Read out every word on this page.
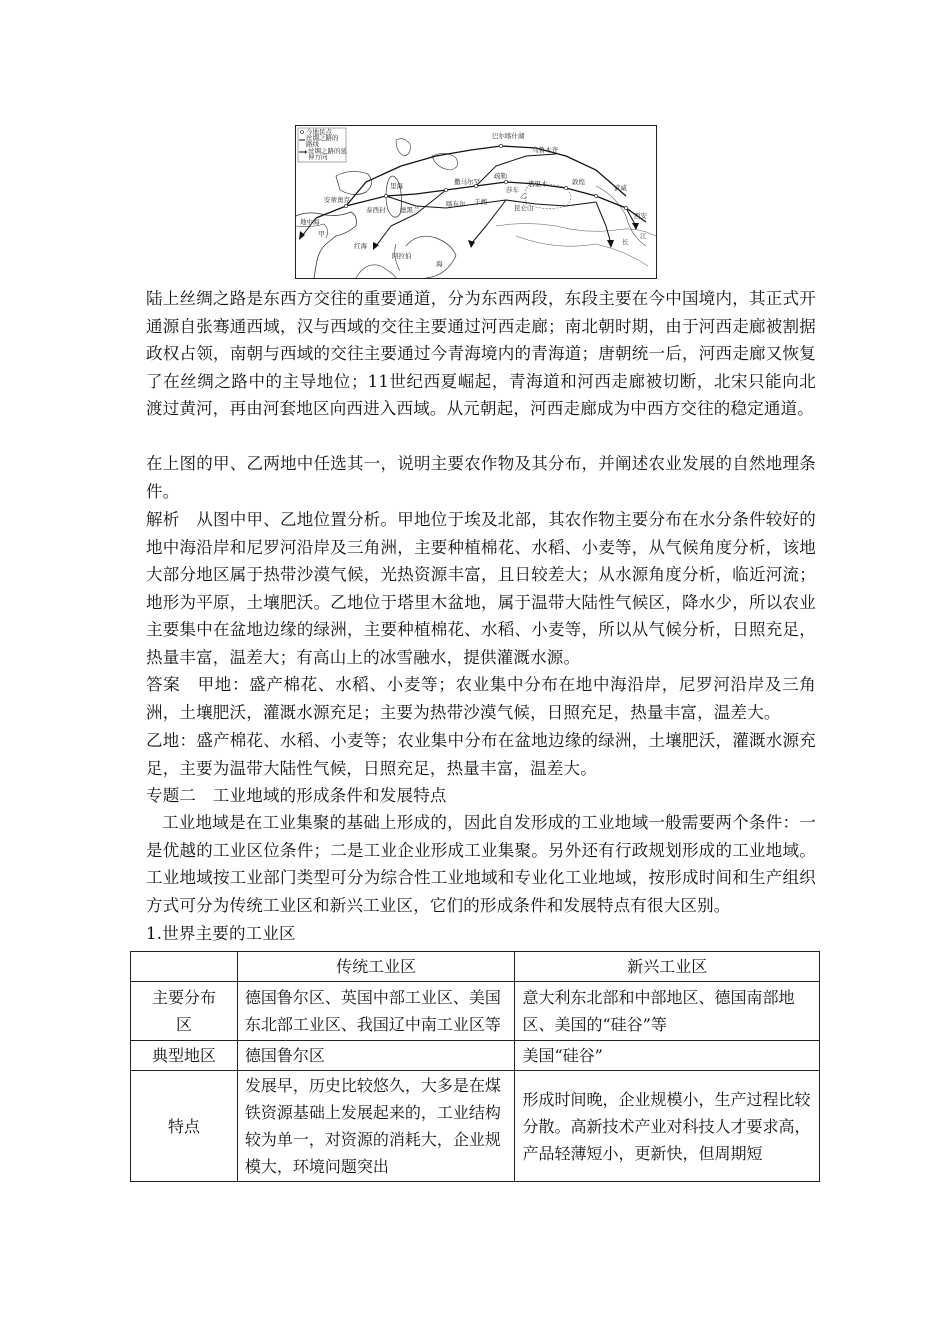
今地民点
丝绸之路的
路线
丝绸之路的延
伸方向
巴尔喀什湖
乌鲁木齐
安蒂奥克
撒马尔罕
疏勒
莎车
于阗
昆仑山
塔里木	敦煌
武威
西安
地中海
甲
乙
里海
泰西封 德黑兰
喀布尔
长
江
红海
阿拉伯
海
陆上丝绸之路是东西方交往的重要通道，分为东西两段，东段主要在今中国境内，其正式开通源自张骞通西域，汉与西域的交往主要通过河西走廊；南北朝时期，由于河西走廊被割据政权占领，南朝与西域的交往主要通过今青海境内的青海道；唐朝统一后，河西走廊又恢复了在丝绸之路中的主导地位；11世纪西夏崛起，青海道和河西走廊被切断，北宋只能向北渡过黄河，再由河套地区向西进入西域。从元朝起，河西走廊成为中西方交往的稳定通道。
在上图的甲、乙两地中任选其一，说明主要农作物及其分布，并阐述农业发展的自然地理条件。
解析　从图中甲、乙地位置分析。甲地位于埃及北部，其农作物主要分布在水分条件较好的地中海沿岸和尼罗河沿岸及三角洲，主要种植棉花、水稻、小麦等，从气候角度分析，该地大部分地区属于热带沙漠气候，光热资源丰富，且日较差大；从水源角度分析，临近河流；地形为平原，土壤肥沃。乙地位于塔里木盆地，属于温带大陆性气候区，降水少，所以农业主要集中在盆地边缘的绿洲，主要种植棉花、水稻、小麦等，所以从气候分析，日照充足，热量丰富，温差大；有高山上的冰雪融水，提供灌溉水源。
答案　甲地：盛产棉花、水稻、小麦等；农业集中分布在地中海沿岸，尼罗河沿岸及三角洲，土壤肥沃，灌溉水源充足；主要为热带沙漠气候，日照充足，热量丰富，温差大。
乙地：盛产棉花、水稻、小麦等；农业集中分布在盆地边缘的绿洲，土壤肥沃，灌溉水源充足，主要为温带大陆性气候，日照充足，热量丰富，温差大。
专题二　工业地域的形成条件和发展特点
工业地域是在工业集聚的基础上形成的，因此自发形成的工业地域一般需要两个条件：一是优越的工业区位条件；二是工业企业形成工业集聚。另外还有行政规划形成的工业地域。工业地域按工业部门类型可分为综合性工业地域和专业化工业地域，按形成时间和生产组织方式可分为传统工业区和新兴工业区，它们的形成条件和发展特点有很大区别。
1.世界主要的工业区
	传统工业区	新兴工业区
主要分布区	德国鲁尔区、英国中部工业区、美国东北部工业区、我国辽中南工业区等	意大利东北部和中部地区、德国南部地区、美国的“硅谷”等
典型地区	德国鲁尔区	美国“硅谷”
特点	发展早，历史比较悠久，大多是在煤铁资源基础上发展起来的，工业结构较为单一，对资源的消耗大，企业规模大，环境问题突出	形成时间晚，企业规模小，生产过程比较分散。高新技术产业对科技人才要求高，产品轻薄短小，更新快，但周期短
